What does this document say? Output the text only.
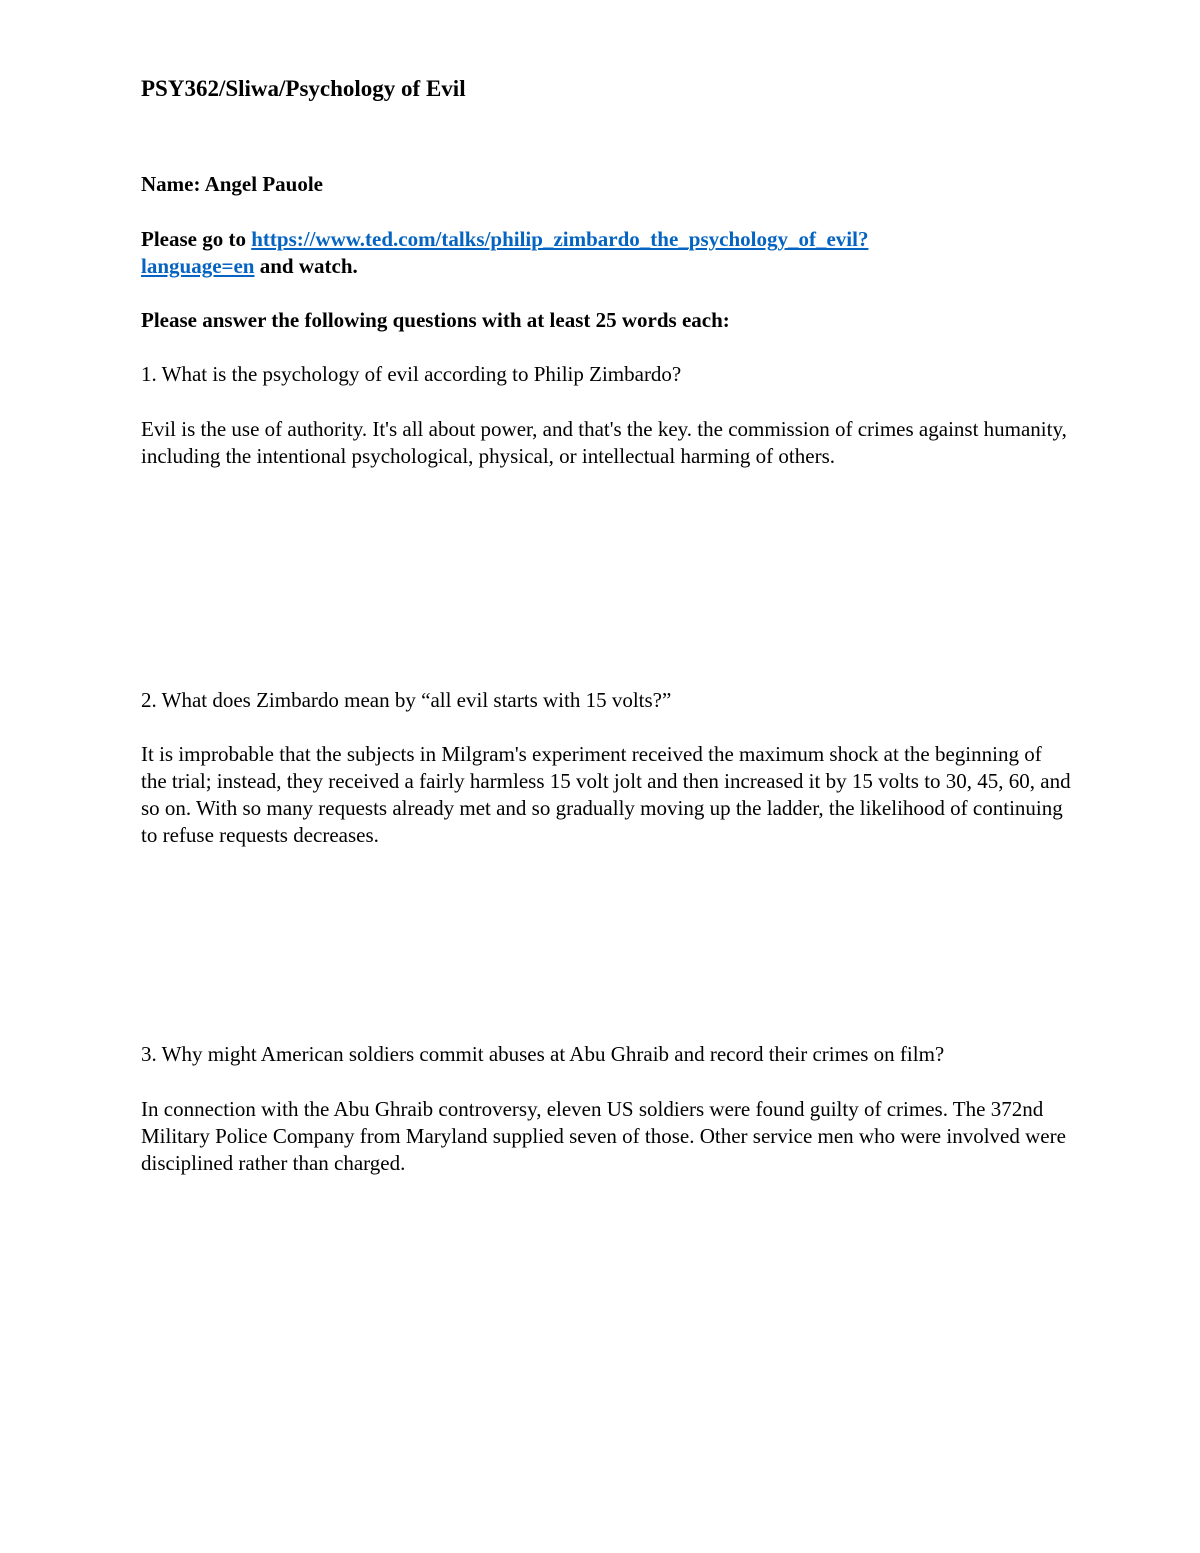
PSY362/Sliwa/Psychology of Evil

Name: Angel Pauole

Please go to https://www.ted.com/talks/philip_zimbardo_the_psychology_of_evil?
language=en and watch.

Please answer the following questions with at least 25 words each:

1. What is the psychology of evil according to Philip Zimbardo?

Evil is the use of authority. It's all about power, and that's the key. the commission of crimes against humanity, including the intentional psychological, physical, or intellectual harming of others.

2. What does Zimbardo mean by “all evil starts with 15 volts?”

It is improbable that the subjects in Milgram's experiment received the maximum shock at the beginning of the trial; instead, they received a fairly harmless 15 volt jolt and then increased it by 15 volts to 30, 45, 60, and so on. With so many requests already met and so gradually moving up the ladder, the likelihood of continuing to refuse requests decreases.

3. Why might American soldiers commit abuses at Abu Ghraib and record their crimes on film?

In connection with the Abu Ghraib controversy, eleven US soldiers were found guilty of crimes. The 372nd Military Police Company from Maryland supplied seven of those. Other service men who were involved were disciplined rather than charged.
